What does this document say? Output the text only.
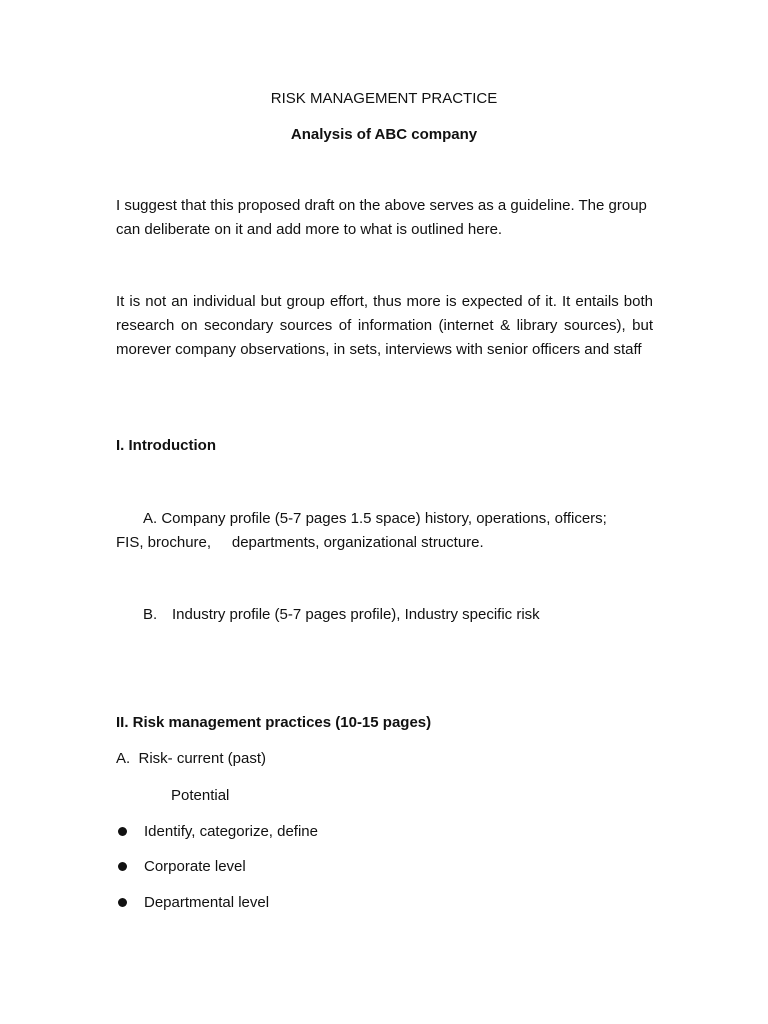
RISK MANAGEMENT PRACTICE
Analysis of ABC company
I suggest that this proposed draft on the above serves as a guideline. The group can deliberate on it and add more to what is outlined here.
It is not an individual but group effort, thus more is expected of it. It entails both research on secondary sources of information (internet & library sources), but morever company observations, in sets, interviews with senior officers and staff
I. Introduction
A. Company profile (5-7 pages 1.5 space) history, operations, officers;
FIS, brochure,     departments, organizational structure.
B. Industry profile (5-7 pages profile), Industry specific risk
II. Risk management practices (10-15 pages)
A.  Risk- current (past)
Potential
Identify, categorize, define
Corporate level
Departmental level
